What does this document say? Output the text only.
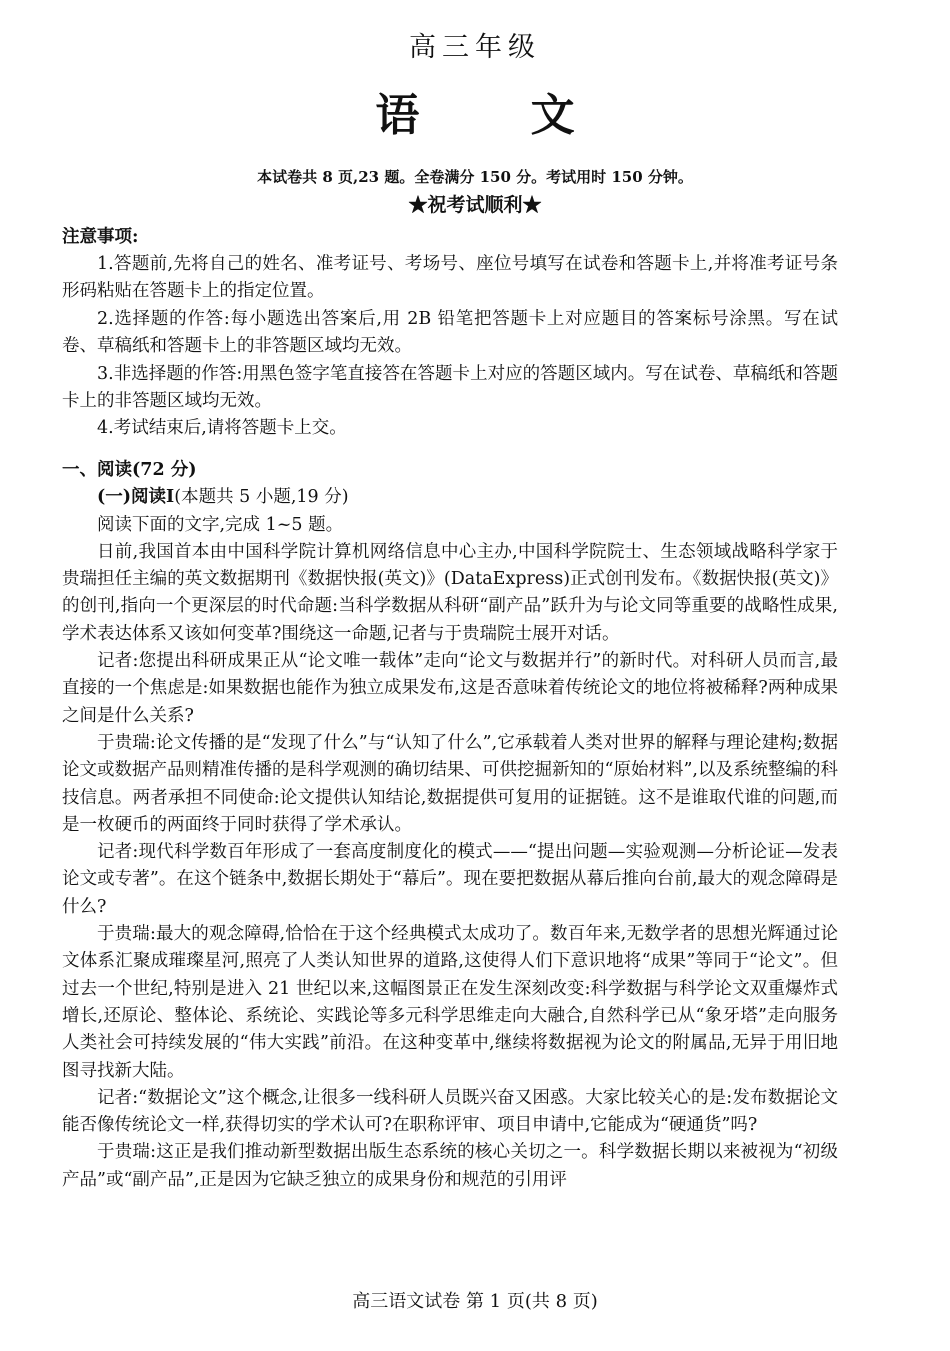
高三年级
语 文
本试卷共 8 页,23 题。全卷满分 150 分。考试用时 150 分钟。
★祝考试顺利★
注意事项:

1.答题前,先将自己的姓名、准考证号、考场号、座位号填写在试卷和答题卡上,并将准考证号条形码粘贴在答题卡上的指定位置。

2.选择题的作答:每小题选出答案后,用 2B 铅笔把答题卡上对应题目的答案标号涂黑。写在试卷、草稿纸和答题卡上的非答题区域均无效。

3.非选择题的作答:用黑色签字笔直接答在答题卡上对应的答题区域内。写在试卷、草稿纸和答题卡上的非答题区域均无效。

4.考试结束后,请将答题卡上交。

一、阅读(72 分)

(一)阅读Ⅰ(本题共 5 小题,19 分)

阅读下面的文字,完成 1~5 题。

日前,我国首本由中国科学院计算机网络信息中心主办,中国科学院院士、生态领域战略科学家于贵瑞担任主编的英文数据期刊《数据快报(英文)》(DataExpress)正式创刊发布。《数据快报(英文)》的创刊,指向一个更深层的时代命题:当科学数据从科研“副产品”跃升为与论文同等重要的战略性成果,学术表达体系又该如何变革?围绕这一命题,记者与于贵瑞院士展开对话。

记者:您提出科研成果正从“论文唯一载体”走向“论文与数据并行”的新时代。对科研人员而言,最直接的一个焦虑是:如果数据也能作为独立成果发布,这是否意味着传统论文的地位将被稀释?两种成果之间是什么关系?

于贵瑞:论文传播的是“发现了什么”与“认知了什么”,它承载着人类对世界的解释与理论建构;数据论文或数据产品则精准传播的是科学观测的确切结果、可供挖掘新知的“原始材料”,以及系统整编的科技信息。两者承担不同使命:论文提供认知结论,数据提供可复用的证据链。这不是谁取代谁的问题,而是一枚硬币的两面终于同时获得了学术承认。

记者:现代科学数百年形成了一套高度制度化的模式——“提出问题—实验观测—分析论证—发表论文或专著”。在这个链条中,数据长期处于“幕后”。现在要把数据从幕后推向台前,最大的观念障碍是什么?

于贵瑞:最大的观念障碍,恰恰在于这个经典模式太成功了。数百年来,无数学者的思想光辉通过论文体系汇聚成璀璨星河,照亮了人类认知世界的道路,这使得人们下意识地将“成果”等同于“论文”。但过去一个世纪,特别是进入 21 世纪以来,这幅图景正在发生深刻改变:科学数据与科学论文双重爆炸式增长,还原论、整体论、系统论、实践论等多元科学思维走向大融合,自然科学已从“象牙塔”走向服务人类社会可持续发展的“伟大实践”前沿。在这种变革中,继续将数据视为论文的附属品,无异于用旧地图寻找新大陆。

记者:“数据论文”这个概念,让很多一线科研人员既兴奋又困惑。大家比较关心的是:发布数据论文能否像传统论文一样,获得切实的学术认可?在职称评审、项目申请中,它能成为“硬通货”吗?

于贵瑞:这正是我们推动新型数据出版生态系统的核心关切之一。科学数据长期以来被视为“初级产品”或“副产品”,正是因为它缺乏独立的成果身份和规范的引用评

高三语文试卷 第 1 页(共 8 页)
